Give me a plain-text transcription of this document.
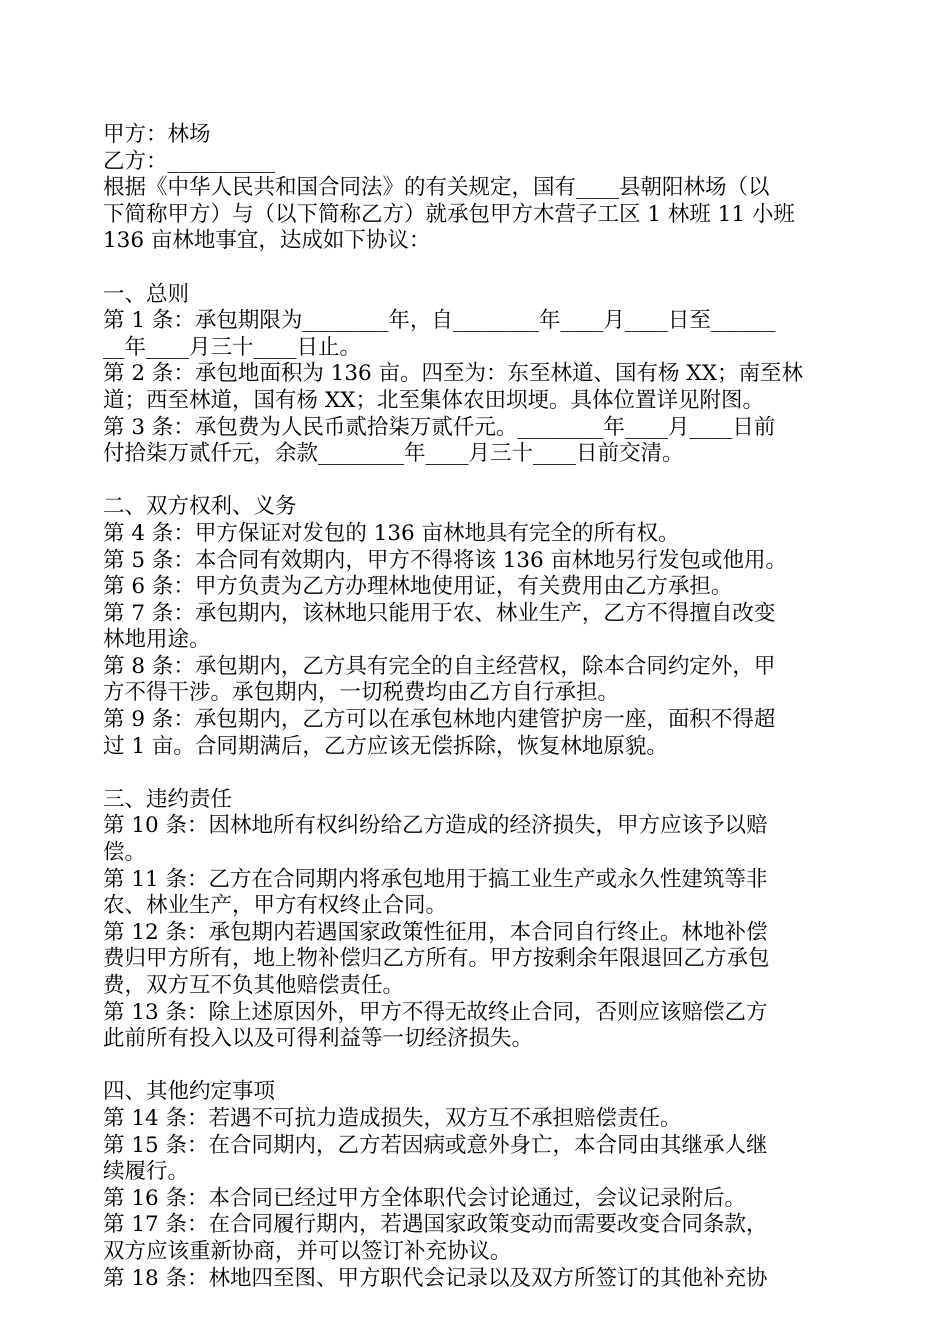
甲方：林场
乙方：__________
根据《中华人民共和国合同法》的有关规定，国有____县朝阳林场（以
下简称甲方）与（以下简称乙方）就承包甲方木营子工区 1 林班 11 小班
136 亩林地事宜，达成如下协议：
一、总则
第 1 条：承包期限为________年，自________年____月____日至______
__年____月三十____日止。
第 2 条：承包地面积为 136 亩。四至为：东至林道、国有杨 XX；南至林
道；西至林道，国有杨 XX；北至集体农田坝埂。具体位置详见附图。
第 3 条：承包费为人民币贰拾柒万贰仟元。________年____月____日前
付拾柒万贰仟元，余款________年____月三十____日前交清。
二、双方权利、义务
第 4 条：甲方保证对发包的 136 亩林地具有完全的所有权。
第 5 条：本合同有效期内，甲方不得将该 136 亩林地另行发包或他用。
第 6 条：甲方负责为乙方办理林地使用证，有关费用由乙方承担。
第 7 条：承包期内，该林地只能用于农、林业生产，乙方不得擅自改变
林地用途。
第 8 条：承包期内，乙方具有完全的自主经营权，除本合同约定外，甲
方不得干涉。承包期内，一切税费均由乙方自行承担。
第 9 条：承包期内，乙方可以在承包林地内建管护房一座，面积不得超
过 1 亩。合同期满后，乙方应该无偿拆除，恢复林地原貌。
三、违约责任
第 10 条：因林地所有权纠纷给乙方造成的经济损失，甲方应该予以赔
偿。
第 11 条：乙方在合同期内将承包地用于搞工业生产或永久性建筑等非
农、林业生产，甲方有权终止合同。
第 12 条：承包期内若遇国家政策性征用，本合同自行终止。林地补偿
费归甲方所有，地上物补偿归乙方所有。甲方按剩余年限退回乙方承包
费，双方互不负其他赔偿责任。
第 13 条：除上述原因外，甲方不得无故终止合同，否则应该赔偿乙方
此前所有投入以及可得利益等一切经济损失。
四、其他约定事项
第 14 条：若遇不可抗力造成损失，双方互不承担赔偿责任。
第 15 条：在合同期内，乙方若因病或意外身亡，本合同由其继承人继
续履行。
第 16 条：本合同已经过甲方全体职代会讨论通过，会议记录附后。
第 17 条：在合同履行期内，若遇国家政策变动而需要改变合同条款，
双方应该重新协商，并可以签订补充协议。
第 18 条：林地四至图、甲方职代会记录以及双方所签订的其他补充协
